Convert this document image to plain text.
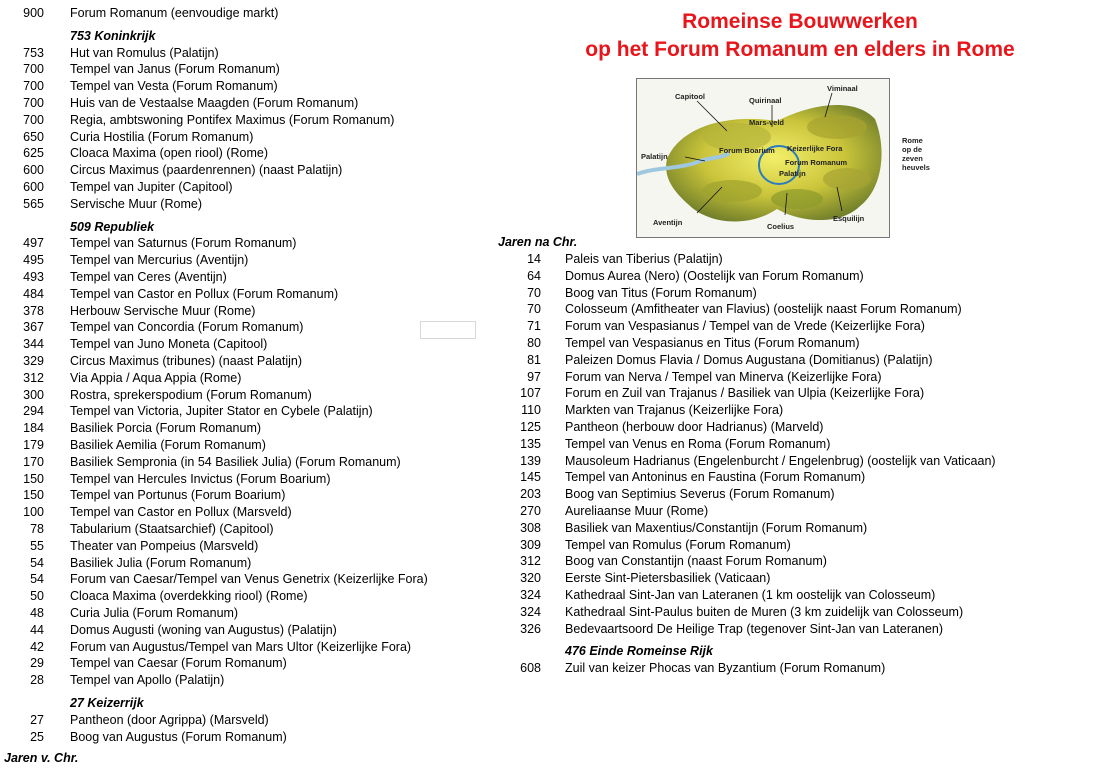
Romeinse Bouwwerken
op het Forum Romanum en elders in Rome
Capitool	Quirinaal
Viminaal
Mars-veld
Palatijn
Forum Boarium Keizerlijke Fora
Forum Romanum
Palatijn
Aventijn	Coelius
Esquilijn
Rome
op de
zeven
heuvels
900 Forum Romanum (eenvoudige markt)
753 Koninkrijk
753 Hut van Romulus (Palatijn)
700 Tempel van Janus (Forum Romanum)
700 Tempel van Vesta (Forum Romanum)
700 Huis van de Vestaalse Maagden (Forum Romanum)
700 Regia, ambtswoning Pontifex Maximus (Forum Romanum)
650 Curia Hostilia (Forum Romanum)
625 Cloaca Maxima (open riool) (Rome)
600 Circus Maximus (paardenrennen) (naast Palatijn)
600 Tempel van Jupiter (Capitool)
565 Servische Muur (Rome)
509 Republiek
497 Tempel van Saturnus (Forum Romanum)
495 Tempel van Mercurius (Aventijn)
493 Tempel van Ceres (Aventijn)
484 Tempel van Castor en Pollux (Forum Romanum)
378 Herbouw Servische Muur (Rome)
367 Tempel van Concordia (Forum Romanum)
344 Tempel van Juno Moneta (Capitool)
329 Circus Maximus (tribunes) (naast Palatijn)
312 Via Appia / Aqua Appia (Rome)
300 Rostra, sprekerspodium (Forum Romanum)
294 Tempel van Victoria, Jupiter Stator en Cybele (Palatijn)
184 Basiliek Porcia (Forum Romanum)
179 Basiliek Aemilia (Forum Romanum)
170 Basiliek Sempronia (in 54 Basiliek Julia) (Forum Romanum)
150 Tempel van Hercules Invictus (Forum Boarium)
150 Tempel van Portunus (Forum Boarium)
100 Tempel van Castor en Pollux (Marsveld)
78 Tabularium (Staatsarchief) (Capitool)
55 Theater van Pompeius (Marsveld)
54 Basiliek Julia (Forum Romanum)
54 Forum van Caesar/Tempel van Venus Genetrix (Keizerlijke Fora)
50 Cloaca Maxima (overdekking riool) (Rome)
48 Curia Julia (Forum Romanum)
44 Domus Augusti (woning van Augustus) (Palatijn)
42 Forum van Augustus/Tempel van Mars Ultor (Keizerlijke Fora)
29 Tempel van Caesar (Forum Romanum)
28 Tempel van Apollo (Palatijn)
27 Keizerrijk
27 Pantheon (door Agrippa) (Marsveld)
25 Boog van Augustus (Forum Romanum)
Jaren v. Chr.
Jaren na Chr.
14 Paleis van Tiberius (Palatijn)
64 Domus Aurea (Nero) (Oostelijk van Forum Romanum)
70 Boog van Titus (Forum Romanum)
70 Colosseum (Amfitheater van Flavius) (oostelijk naast Forum Romanum)
71 Forum van Vespasianus / Tempel van de Vrede (Keizerlijke Fora)
80 Tempel van Vespasianus en Titus (Forum Romanum)
81 Paleizen Domus Flavia / Domus Augustana (Domitianus) (Palatijn)
97 Forum van Nerva / Tempel van Minerva (Keizerlijke Fora)
107 Forum en Zuil van Trajanus / Basiliek van Ulpia (Keizerlijke Fora)
110 Markten van Trajanus (Keizerlijke Fora)
125 Pantheon (herbouw door Hadrianus) (Marveld)
135 Tempel van Venus en Roma (Forum Romanum)
139 Mausoleum Hadrianus (Engelenburcht / Engelenbrug) (oostelijk van Vaticaan)
145 Tempel van Antoninus en Faustina (Forum Romanum)
203 Boog van Septimius Severus (Forum Romanum)
270 Aureliaanse Muur (Rome)
308 Basiliek van Maxentius/Constantijn (Forum Romanum)
309 Tempel van Romulus (Forum Romanum)
312 Boog van Constantijn (naast Forum Romanum)
320 Eerste Sint-Pietersbasiliek (Vaticaan)
324 Kathedraal Sint-Jan van Lateranen (1 km oostelijk van Colosseum)
324 Kathedraal Sint-Paulus buiten de Muren (3 km zuidelijk van Colosseum)
326 Bedevaartsoord De Heilige Trap (tegenover Sint-Jan van Lateranen)
476 Einde Romeinse Rijk
608 Zuil van keizer Phocas van Byzantium (Forum Romanum)
